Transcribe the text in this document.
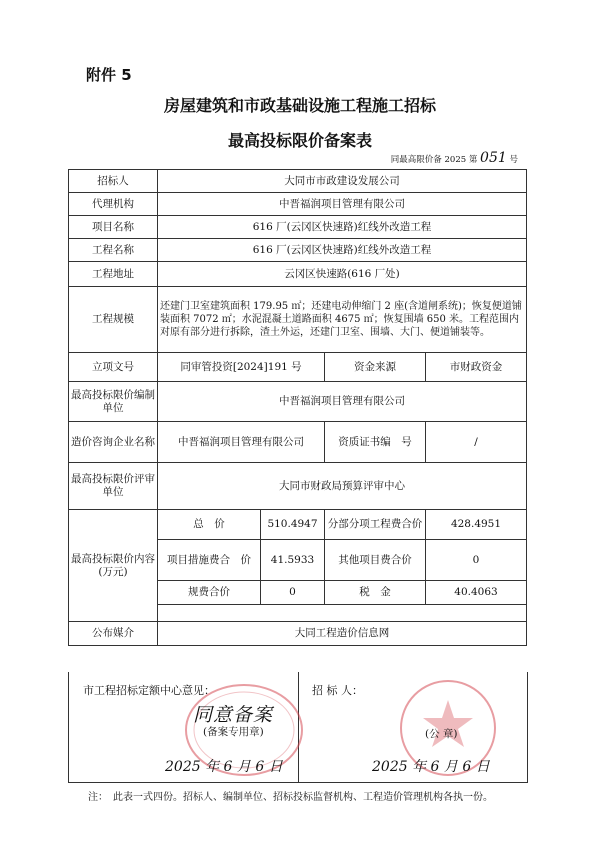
附件 5
房屋建筑和市政基础设施工程施工招标
最高投标限价备案表
同最高限价备 2025 第 051 号
招标人	大同市市政建设发展公司			
代理机构	中晋福润项目管理有限公司			
项目名称	616 厂(云冈区快速路)红线外改造工程			
工程名称	616 厂(云冈区快速路)红线外改造工程			
工程地址	云冈区快速路(616 厂处)			
工程规模	还建门卫室建筑面积 179.95 ㎡；还建电动伸缩门 2 座(含道闸系统)；恢复便道铺装面积 7072 ㎡；水泥混凝土道路面积 4675 ㎡；恢复围墙 650 米。工程范围内对原有部分进行拆除，渣土外运，还建门卫室、围墙、大门、便道铺装等。			
立项文号	同审管投资[2024]191 号		资金来源	市财政资金
最高投标限价编制单位	中晋福润项目管理有限公司			
造价咨询企业名称	中晋福润项目管理有限公司		资质证书编　号	/
最高投标限价评审单位	大同市财政局预算评审中心			
最高投标限价内容(万元)	总　价	510.4947	分部分项工程费合价	428.4951
	项目措施费合　价	41.5933	其他项目费合价	0
	规费合价	0	税　金	40.4063

公布媒介	大同工程造价信息网			
市工程招标定额中心意见：
同意备案
(备案专用章)
2025 年 6 月 6 日
招 标 人：
(公 章)
2025 年 6 月 6 日
注：　此表一式四份。招标人、编制单位、招标投标监督机构、工程造价管理机构各执一份。
